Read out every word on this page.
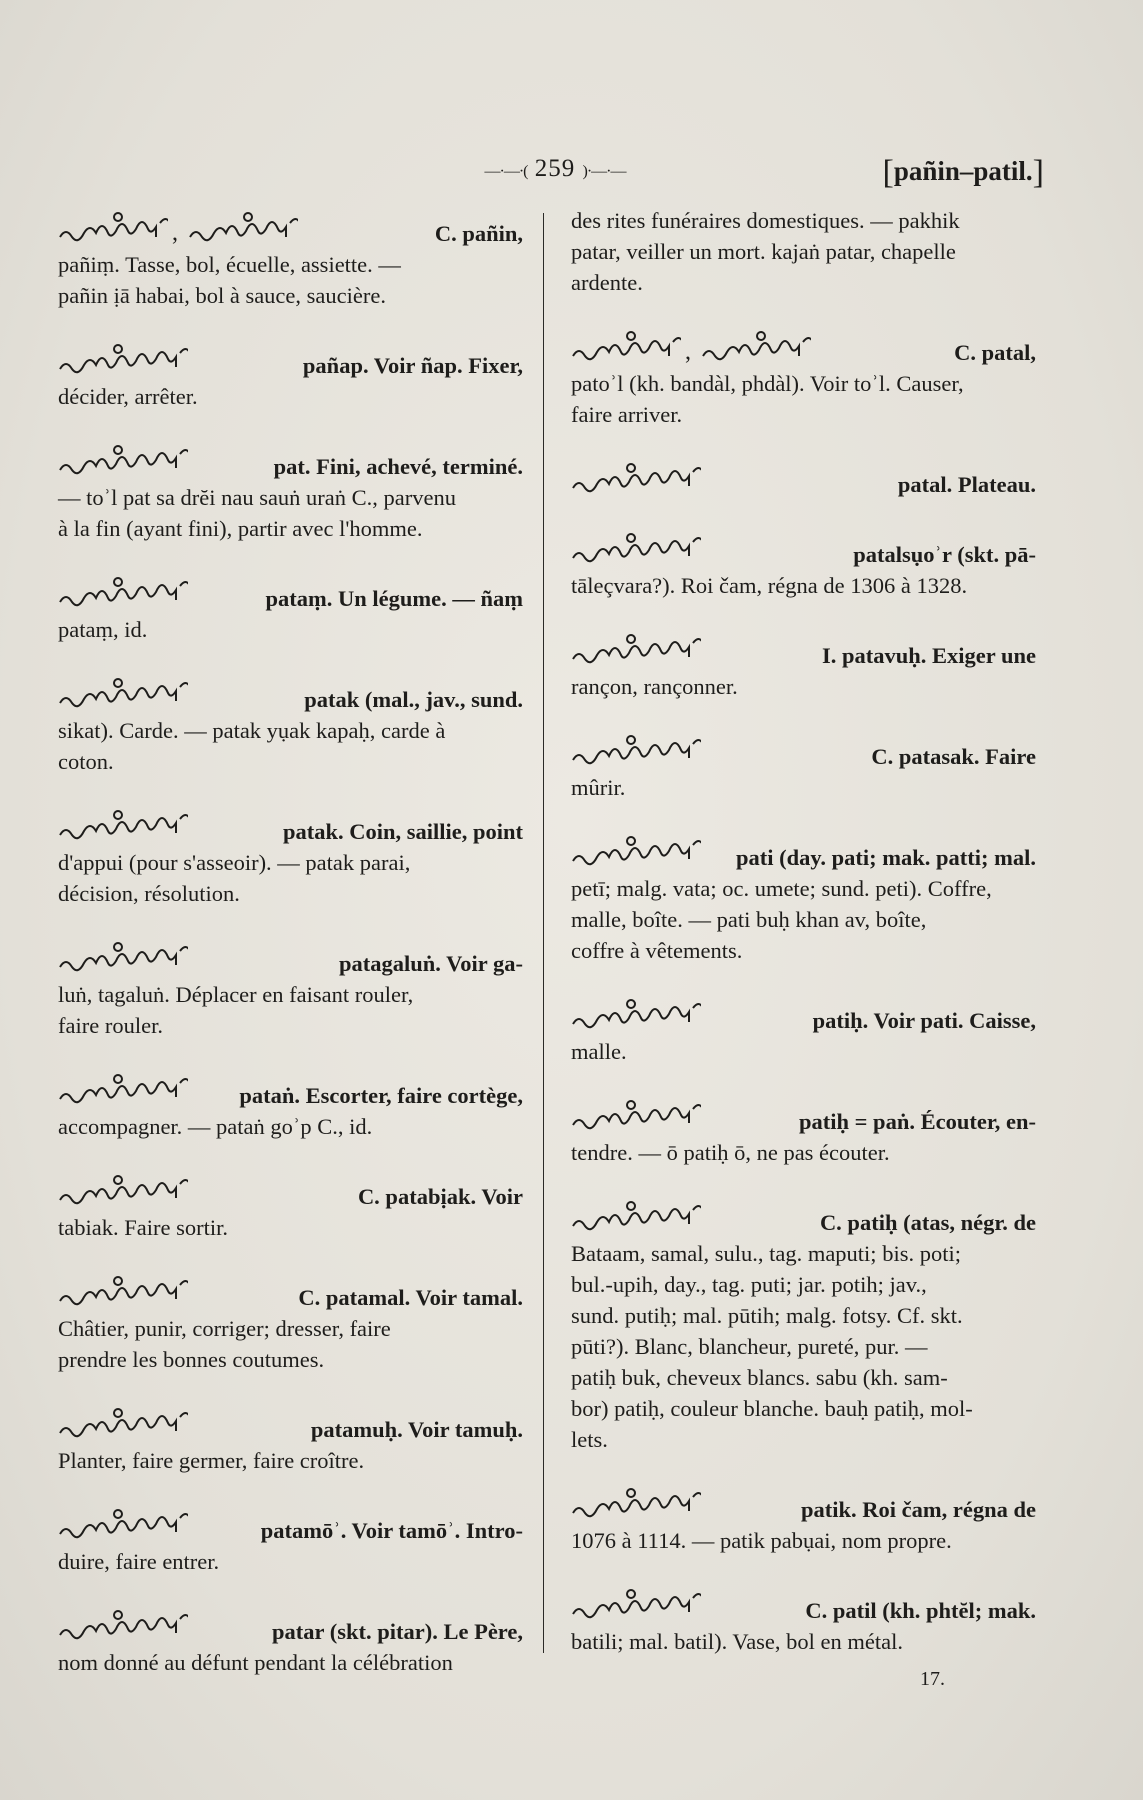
—·—·( 259 )·—·—	[pañin–patil.]
,	C. pañin,

pañiṃ. Tasse, bol, écuelle, assiette. —

pañin ịā habai, bol à sauce, saucière.

pañap. Voir ñap. Fixer,

décider, arrêter.

pat. Fini, achevé, terminé.

— toʾl pat sa drĕi nau sauṅ uraṅ C., parvenu

à la fin (ayant fini), partir avec l'homme.

pataṃ. Un légume. — ñaṃ

pataṃ, id.

patak (mal., jav., sund.

sikat). Carde. — patak yụak kapaḥ, carde à

coton.

patak. Coin, saillie, point

d'appui (pour s'asseoir). — patak parai,

décision, résolution.

patagaluṅ. Voir ga-

luṅ, tagaluṅ. Déplacer en faisant rouler,

faire rouler.

pataṅ. Escorter, faire cortège,

accompagner. — pataṅ goʾp C., id.

C. patabịak. Voir

tabiak. Faire sortir.

C. patamal. Voir tamal.

Châtier, punir, corriger; dresser, faire

prendre les bonnes coutumes.

patamuḥ. Voir tamuḥ.

Planter, faire germer, faire croître.

patamōʾ. Voir tamōʾ. Intro-

duire, faire entrer.

patar (skt. pitar). Le Père,

nom donné au défunt pendant la célébration

des rites funéraires domestiques. — pakhik

patar, veiller un mort. kajaṅ patar, chapelle

ardente.

,	C. patal,

patoʾl (kh. bandàl, phdàl). Voir toʾl. Causer,

faire arriver.

patal. Plateau.
patalsụoʾr (skt. pā-

tāleçvara?). Roi čam, régna de 1306 à 1328.

I. patavuḥ. Exiger une

rançon, rançonner.

C. patasak. Faire

mûrir.

pati (day. pati; mak. patti; mal.

petī; malg. vata; oc. umete; sund. peti). Coffre,

malle, boîte. — pati buḥ khan av, boîte,

coffre à vêtements.

patiḥ. Voir pati. Caisse,

malle.

patiḥ = paṅ. Écouter, en-

tendre. — ō patiḥ ō, ne pas écouter.

C. patiḥ (atas, négr. de

Bataam, samal, sulu., tag. maputi; bis. poti;

bul.-upih, day., tag. puti; jar. potih; jav.,

sund. putiḥ; mal. pūtih; malg. fotsy. Cf. skt.

pūti?). Blanc, blancheur, pureté, pur. —

patiḥ buk, cheveux blancs. sabu (kh. sam-

bor) patiḥ, couleur blanche. bauḥ patiḥ, mol-

lets.

patik. Roi čam, régna de

1076 à 1114. — patik pabụai, nom propre.

C. patil (kh. phtĕl; mak.

batili; mal. batil). Vase, bol en métal.

17.
